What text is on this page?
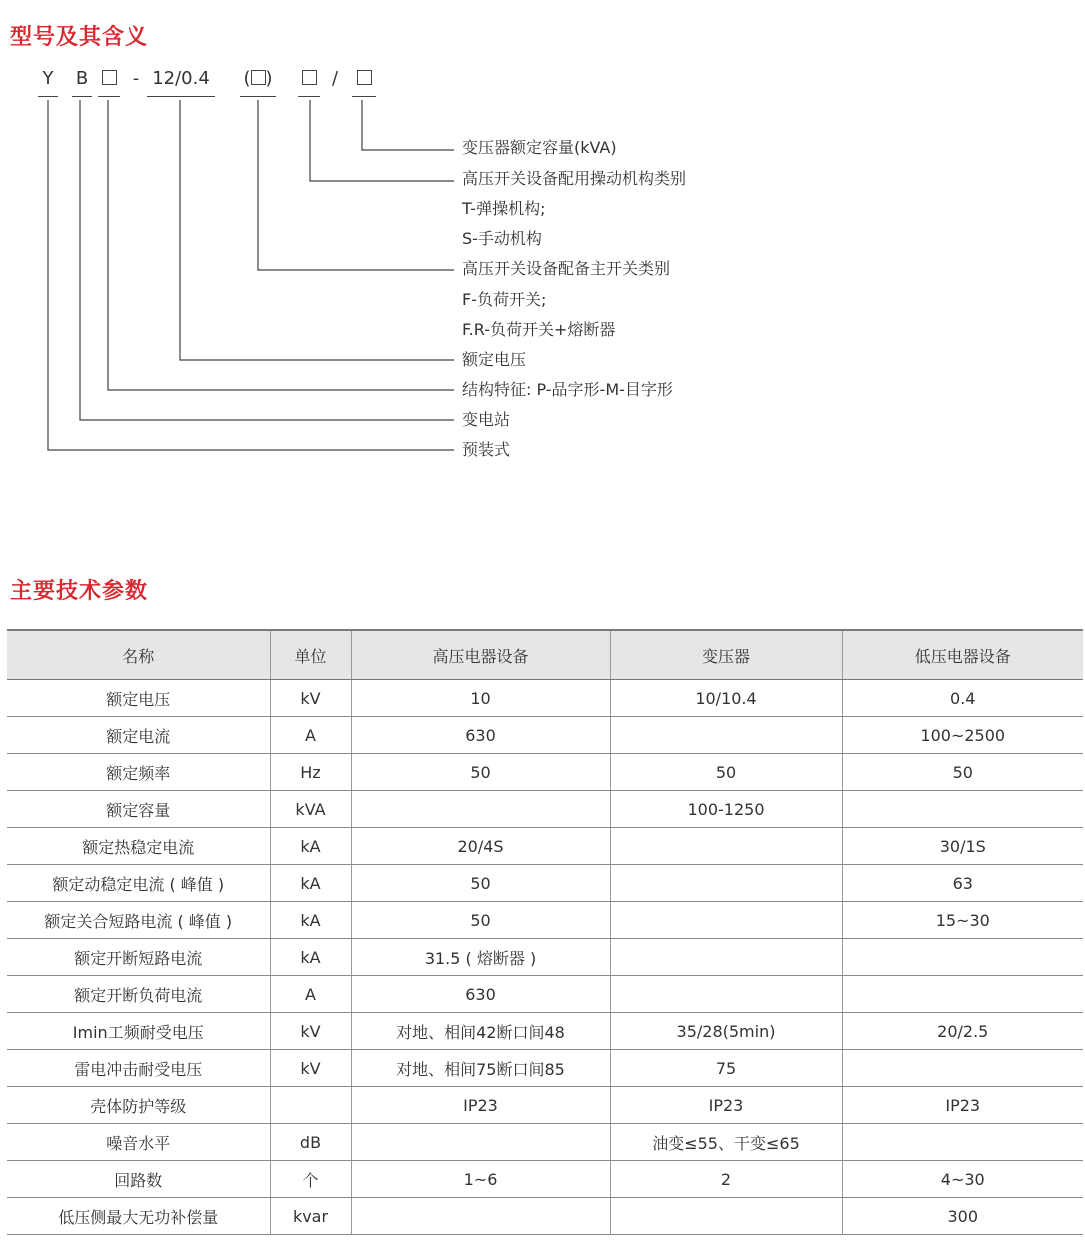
型号及其含义
Y B - 12/0.4 ( )	/
变压器额定容量(kVA)
高压开关设备配用操动机构类别
T-弹操机构;
S-手动机构
高压开关设备配备主开关类别
F-负荷开关;
F.R-负荷开关+熔断器
额定电压
结构特征: P-品字形-M-目字形
变电站
预装式
主要技术参数
名称	单位	高压电器设备	变压器	低压电器设备
额定电压	kV	10	10/10.4	0.4
额定电流	A	630		100~2500
额定频率	Hz	50	50	50
额定容量	kVA		100-1250	
额定热稳定电流	kA	20/4S		30/1S
额定动稳定电流 ( 峰值 )	kA	50		63
额定关合短路电流 ( 峰值 )	kA	50		15~30
额定开断短路电流	kA	31.5 ( 熔断器 )		
额定开断负荷电流	A	630		
Imin工频耐受电压	kV	对地、相间42断口间48	35/28(5min)	20/2.5
雷电冲击耐受电压	kV	对地、相间75断口间85	75	
壳体防护等级		IP23	IP23	IP23
噪音水平	dB		油变≤55、干变≤65	
回路数	个	1~6	2	4~30
低压侧最大无功补偿量	kvar			300
